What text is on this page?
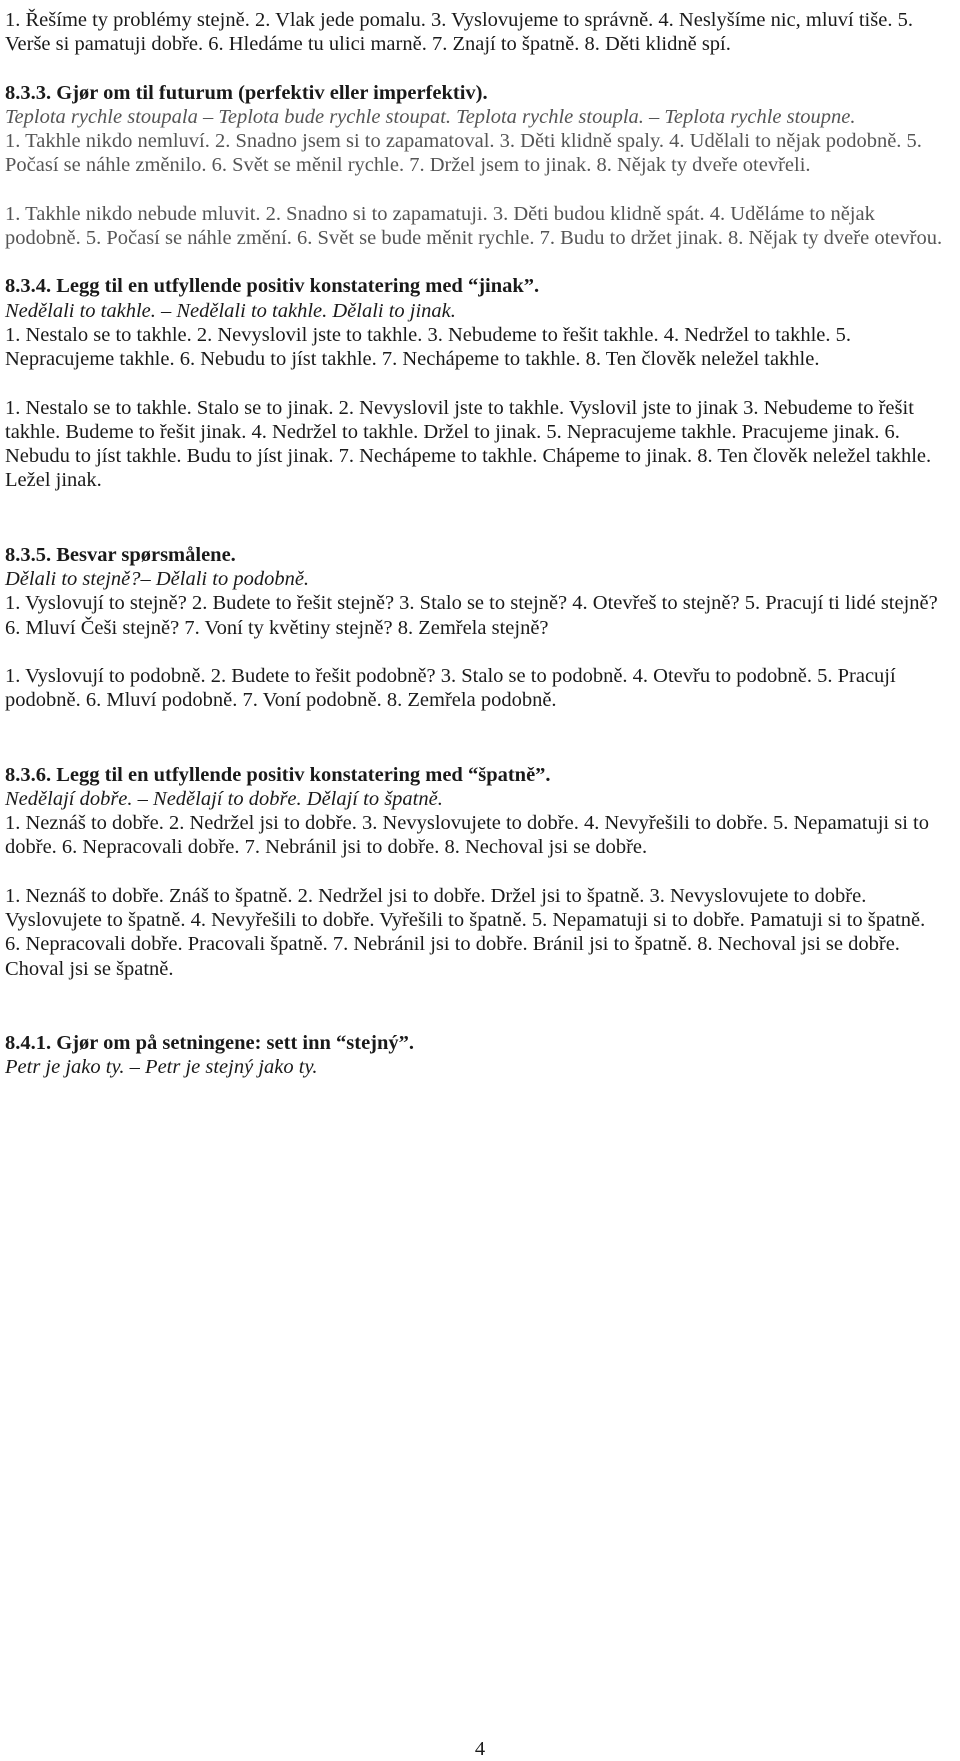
1. Řešíme ty problémy stejně. 2. Vlak jede pomalu. 3. Vyslovujeme to správně. 4. Neslyšíme nic, mluví tiše. 5. Verše si pamatuji dobře. 6. Hledáme tu ulici marně. 7. Znají to špatně. 8. Děti klidně spí.

8.3.3. Gjør om til futurum (perfektiv eller imperfektiv).

Teplota rychle stoupala – Teplota bude rychle stoupat. Teplota rychle stoupla. – Teplota rychle stoupne.

1. Takhle nikdo nemluví. 2. Snadno jsem si to zapamatoval. 3. Děti klidně spaly. 4. Udělali to nějak podobně. 5. Počasí se náhle změnilo. 6. Svět se měnil rychle. 7. Držel jsem to jinak. 8. Nějak ty dveře otevřeli.

1. Takhle nikdo nebude mluvit. 2. Snadno si to zapamatuji. 3. Děti budou klidně spát. 4. Uděláme to nějak podobně. 5. Počasí se náhle změní. 6. Svět se bude měnit rychle. 7. Budu to držet jinak. 8. Nějak ty dveře otevřou.

8.3.4. Legg til en utfyllende positiv konstatering med “jinak”.

Nedělali to takhle. – Nedělali to takhle. Dělali to jinak.

1. Nestalo se to takhle. 2. Nevyslovil jste to takhle. 3. Nebudeme to řešit takhle. 4. Nedržel to takhle. 5. Nepracujeme takhle. 6. Nebudu to jíst takhle. 7. Nechápeme to takhle. 8. Ten člověk neležel takhle.

1. Nestalo se to takhle. Stalo se to jinak. 2. Nevyslovil jste to takhle. Vyslovil jste to jinak 3. Nebudeme to řešit takhle. Budeme to řešit jinak. 4. Nedržel to takhle. Držel to jinak. 5. Nepracujeme takhle. Pracujeme jinak. 6. Nebudu to jíst takhle. Budu to jíst jinak. 7. Nechápeme to takhle. Chápeme to jinak. 8. Ten člověk neležel takhle. Ležel jinak.

8.3.5. Besvar spørsmålene.

Dělali to stejně?– Dělali to podobně.

1. Vyslovují to stejně? 2. Budete to řešit stejně? 3. Stalo se to stejně? 4. Otevřeš to stejně? 5. Pracují ti lidé stejně? 6. Mluví Češi stejně? 7. Voní ty květiny stejně? 8. Zemřela stejně?

1. Vyslovují to podobně. 2. Budete to řešit podobně? 3. Stalo se to podobně. 4. Otevřu to podobně. 5. Pracují podobně. 6. Mluví podobně. 7. Voní podobně. 8. Zemřela podobně.

8.3.6. Legg til en utfyllende positiv konstatering med “špatně”.

Nedělají dobře. – Nedělají to dobře. Dělají to špatně.

1. Neznáš to dobře. 2. Nedržel jsi to dobře. 3. Nevyslovujete to dobře. 4. Nevyřešili to dobře. 5. Nepamatuji si to dobře. 6. Nepracovali dobře. 7. Nebránil jsi to dobře. 8. Nechoval jsi se dobře.

1. Neznáš to dobře. Znáš to špatně. 2. Nedržel jsi to dobře. Držel jsi to špatně. 3. Nevyslovujete to dobře. Vyslovujete to špatně. 4. Nevyřešili to dobře. Vyřešili to špatně. 5. Nepamatuji si to dobře. Pamatuji si to špatně. 6. Nepracovali dobře. Pracovali špatně. 7. Nebránil jsi to dobře. Bránil jsi to špatně. 8. Nechoval jsi se dobře. Choval jsi se špatně.

8.4.1. Gjør om på setningene: sett inn “stejný”.

Petr je jako ty. – Petr je stejný jako ty.

4
